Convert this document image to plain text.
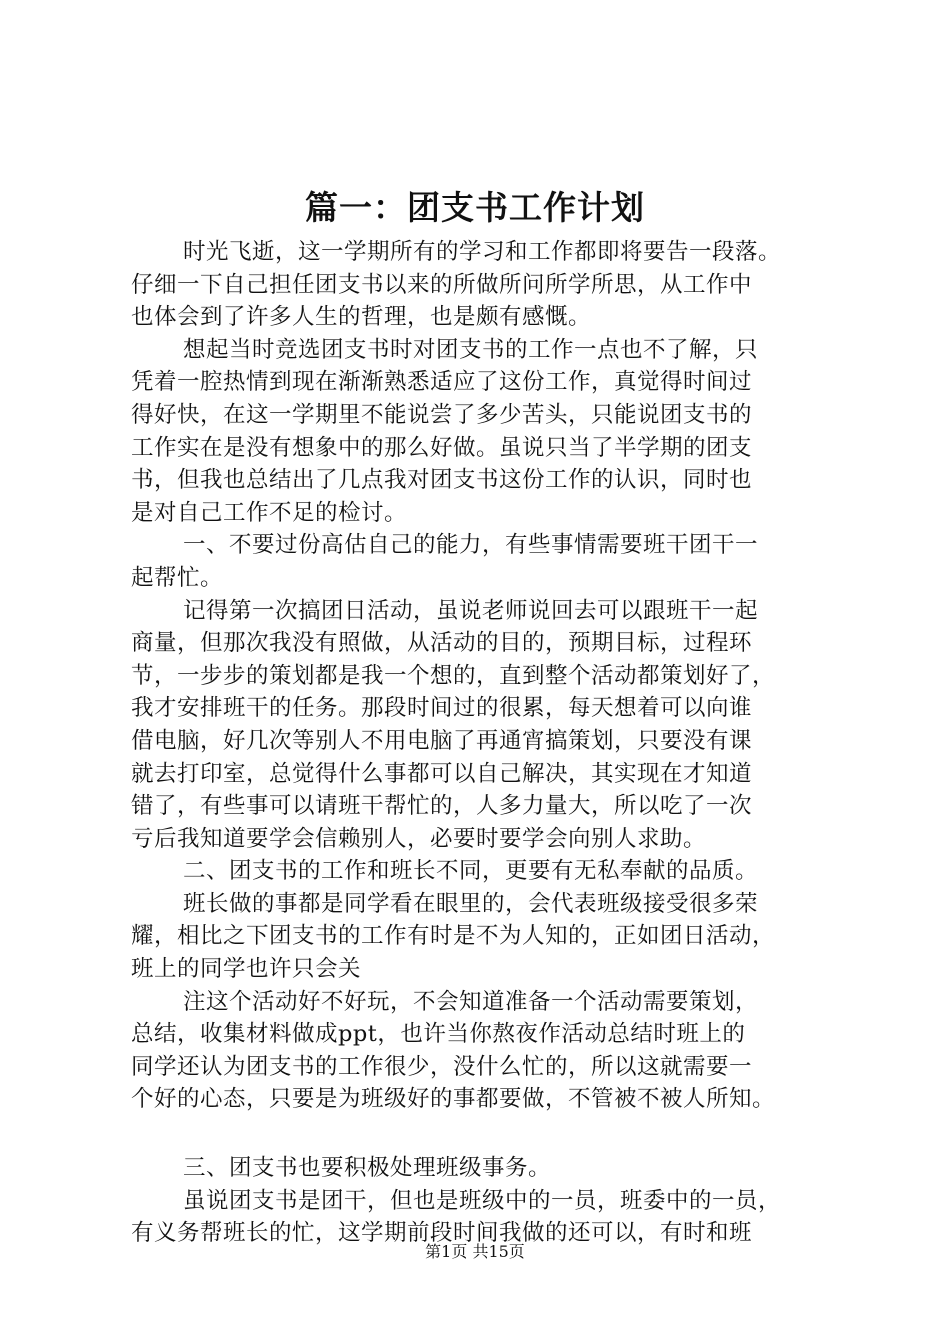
篇一：团支书工作计划
时光飞逝，这一学期所有的学习和工作都即将要告一段落。
仔细一下自己担任团支书以来的所做所问所学所思，从工作中
也体会到了许多人生的哲理，也是颇有感慨。
想起当时竞选团支书时对团支书的工作一点也不了解，只
凭着一腔热情到现在渐渐熟悉适应了这份工作，真觉得时间过
得好快，在这一学期里不能说尝了多少苦头，只能说团支书的
工作实在是没有想象中的那么好做。虽说只当了半学期的团支
书，但我也总结出了几点我对团支书这份工作的认识，同时也
是对自己工作不足的检讨。
一、不要过份高估自己的能力，有些事情需要班干团干一
起帮忙。
记得第一次搞团日活动，虽说老师说回去可以跟班干一起
商量，但那次我没有照做，从活动的目的，预期目标，过程环
节，一步步的策划都是我一个想的，直到整个活动都策划好了，
我才安排班干的任务。那段时间过的很累，每天想着可以向谁
借电脑，好几次等别人不用电脑了再通宵搞策划，只要没有课
就去打印室，总觉得什么事都可以自己解决，其实现在才知道
错了，有些事可以请班干帮忙的，人多力量大，所以吃了一次
亏后我知道要学会信赖别人，必要时要学会向别人求助。
二、团支书的工作和班长不同，更要有无私奉献的品质。
班长做的事都是同学看在眼里的，会代表班级接受很多荣
耀，相比之下团支书的工作有时是不为人知的，正如团日活动，
班上的同学也许只会关
注这个活动好不好玩，不会知道准备一个活动需要策划，
总结，收集材料做成ppt，也许当你熬夜作活动总结时班上的
同学还认为团支书的工作很少，没什么忙的，所以这就需要一
个好的心态，只要是为班级好的事都要做，不管被不被人所知。
三、团支书也要积极处理班级事务。
虽说团支书是团干，但也是班级中的一员，班委中的一员，
有义务帮班长的忙，这学期前段时间我做的还可以，有时和班
第1页 共15页
